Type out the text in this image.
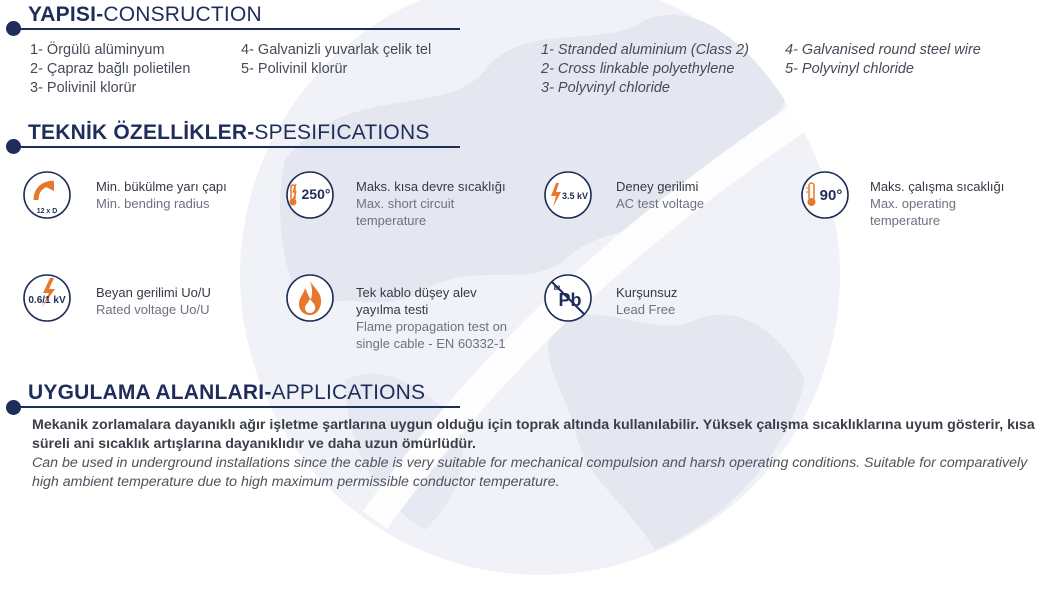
YAPISI-CONSRUCTION
1- Örgülü alüminyum
2- Çapraz bağlı polietilen
3- Polivinil klorür
4- Galvanizli yuvarlak çelik tel
5- Polivinil klorür
1- Stranded aluminium (Class 2)
2- Cross linkable polyethylene
3- Polyvinyl chloride
4- Galvanised round steel wire
5- Polyvinyl chloride
TEKNİK ÖZELLİKLER-SPESIFICATIONS
12 x D
Min. bükülme yarı çapı
Min. bending radius
250° Maks. kısa devre sıcaklığı
Max. short circuit
temperature
3.5 kV
Deney gerilimi
AC test voltage	90°
Maks. çalışma sıcaklığı
Max. operating
temperature
0.6/1 kV
Beyan gerilimi Uo/U
Rated voltage Uo/U
Tek kablo düşey alev
yayılma testi
Flame propagation test on
single cable - EN 60332-1
Pb
82	Kurşunsuz
Lead Free
UYGULAMA ALANLARI-APPLICATIONS
Mekanik zorlamalara dayanıklı ağır işletme şartlarına uygun olduğu için toprak altında kullanılabilir. Yüksek çalışma sıcaklıklarına uyum gösterir, kısa süreli ani sıcaklık artışlarına dayanıklıdır ve daha uzun ömürlüdür.
Can be used in underground installations since the cable is very suitable for mechanical compulsion and harsh operating conditions. Suitable for comparatively high ambient temperature due to high maximum permissible conductor temperature.
